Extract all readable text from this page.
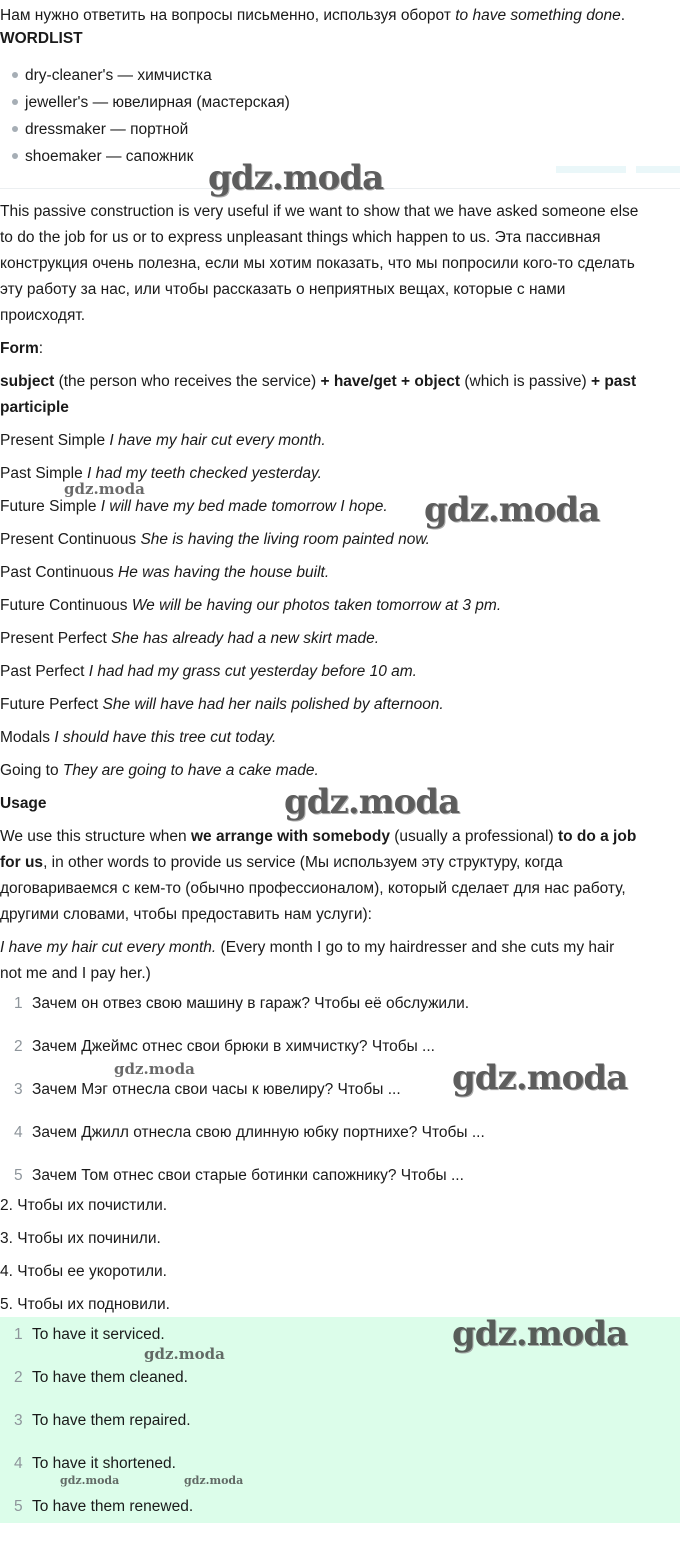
Нам нужно ответить на вопросы письменно, используя оборот to have something done.
WORDLIST
dry-cleaner's — химчистка
jeweller's — ювелирная (мастерская)
dressmaker — портной
shoemaker — сапожник
This passive construction is very useful if we want to show that we have asked someone else
to do the job for us or to express unpleasant things which happen to us. Эта пассивная
конструкция очень полезна, если мы хотим показать, что мы попросили кого-то сделать
эту работу за нас, или чтобы рассказать о неприятных вещах, которые с нами
происходят.
Form:
subject (the person who receives the service) + have/get + object (which is passive) + past
participle
Present Simple I have my hair cut every month.
Past Simple I had my teeth checked yesterday.
Future Simple I will have my bed made tomorrow I hope.
Present Continuous She is having the living room painted now.
Past Continuous He was having the house built.
Future Continuous We will be having our photos taken tomorrow at 3 pm.
Present Perfect She has already had a new skirt made.
Past Perfect I had had my grass cut yesterday before 10 am.
Future Perfect She will have had her nails polished by afternoon.
Modals I should have this tree cut today.
Going to They are going to have a cake made.
Usage
We use this structure when we arrange with somebody (usually a professional) to do a job
for us, in other words to provide us service (Мы используем эту структуру, когда
договариваемся с кем-то (обычно профессионалом), который сделает для нас работу,
другими словами, чтобы предоставить нам услуги):
I have my hair cut every month. (Every month I go to my hairdresser and she cuts my hair
not me and I pay her.)
1 Зачем он отвез свою машину в гараж? Чтобы её обслужили.
2 Зачем Джеймс отнес свои брюки в химчистку? Чтобы ...
3 Зачем Мэг отнесла свои часы к ювелиру? Чтобы ...
4 Зачем Джилл отнесла свою длинную юбку портнихе? Чтобы ...
5 Зачем Том отнес свои старые ботинки сапожнику? Чтобы ...
2. Чтобы их почистили.
3. Чтобы их починили.
4. Чтобы ее укоротили.
5. Чтобы их подновили.
1 To have it serviced.
2 To have them cleaned.
3 To have them repaired.
4 To have it shortened.
5 To have them renewed.
gdz.moda
gdz.moda
gdz.moda
gdz.moda
gdz.moda	gdz.moda
gdz.moda
gdz.moda
gdz.moda	gdz.moda
